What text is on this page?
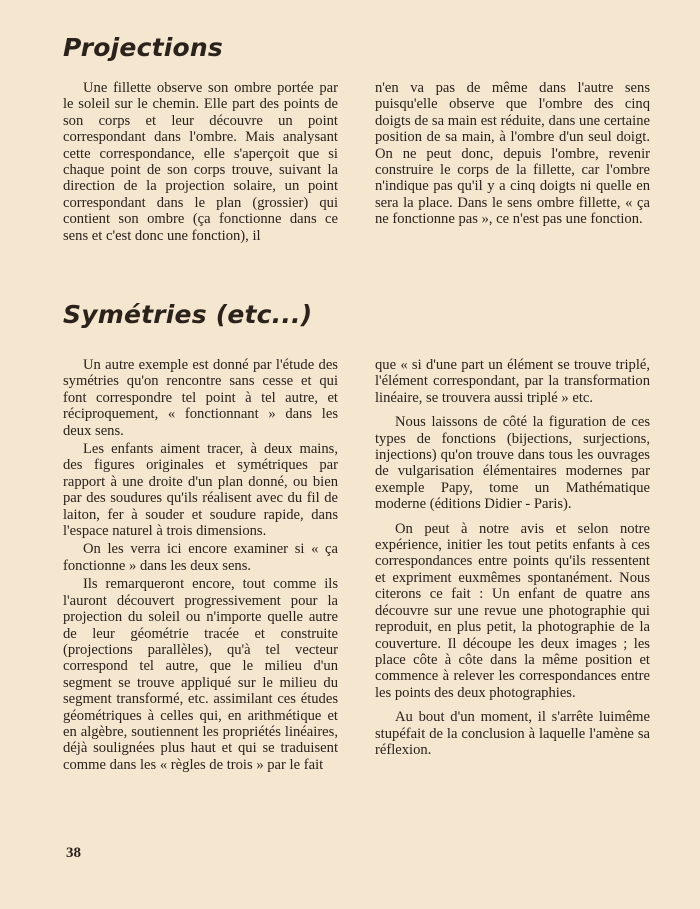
Projections

Une fillette observe son ombre portée par le soleil sur le chemin. Elle part des points de son corps et leur découvre un point correspondant dans l'ombre. Mais analysant cette correspondance, elle s'aperçoit que si chaque point de son corps trouve, suivant la direction de la projection solaire, un point correspondant dans le plan (grossier) qui contient son ombre (ça fonctionne dans ce sens et c'est donc une fonction), il

n'en va pas de même dans l'autre sens puisqu'elle observe que l'ombre des cinq doigts de sa main est réduite, dans une certaine position de sa main, à l'ombre d'un seul doigt. On ne peut donc, depuis l'ombre, revenir construire le corps de la fillette, car l'ombre n'indique pas qu'il y a cinq doigts ni quelle en sera la place. Dans le sens ombre fillette, « ça ne fonctionne pas », ce n'est pas une fonction.

Symétries (etc...)

Un autre exemple est donné par l'étude des symétries qu'on rencontre sans cesse et qui font correspondre tel point à tel autre, et réciproquement, « fonctionnant » dans les deux sens.

Les enfants aiment tracer, à deux mains, des figures originales et symétriques par rapport à une droite d'un plan donné, ou bien par des soudures qu'ils réalisent avec du fil de laiton, fer à souder et soudure rapide, dans l'espace naturel à trois dimensions.

On les verra ici encore examiner si « ça fonctionne » dans les deux sens.

Ils remarqueront encore, tout comme ils l'auront découvert progressivement pour la projection du soleil ou n'importe quelle autre de leur géométrie tracée et construite (projections parallèles), qu'à tel vecteur correspond tel autre, que le milieu d'un segment se trouve appliqué sur le milieu du segment transformé, etc. assimilant ces études géométriques à celles qui, en arithmétique et en algèbre, soutiennent les propriétés linéaires, déjà soulignées plus haut et qui se traduisent comme dans les « règles de trois » par le fait

que « si d'une part un élément se trouve triplé, l'élément correspondant, par la transformation linéaire, se trouvera aussi triplé » etc.

Nous laissons de côté la figuration de ces types de fonctions (bijections, surjections, injections) qu'on trouve dans tous les ouvrages de vulgarisation élémentaires modernes par exemple Papy, tome un Mathématique moderne (éditions Didier - Paris).

On peut à notre avis et selon notre expérience, initier les tout petits enfants à ces correspondances entre points qu'ils ressentent et expriment euxmêmes spontanément. Nous citerons ce fait : Un enfant de quatre ans découvre sur une revue une photographie qui reproduit, en plus petit, la photographie de la couverture. Il découpe les deux images ; les place côte à côte dans la même position et commence à relever les correspondances entre les points des deux photographies.

Au bout d'un moment, il s'arrête luimême stupéfait de la conclusion à laquelle l'amène sa réflexion.

38
